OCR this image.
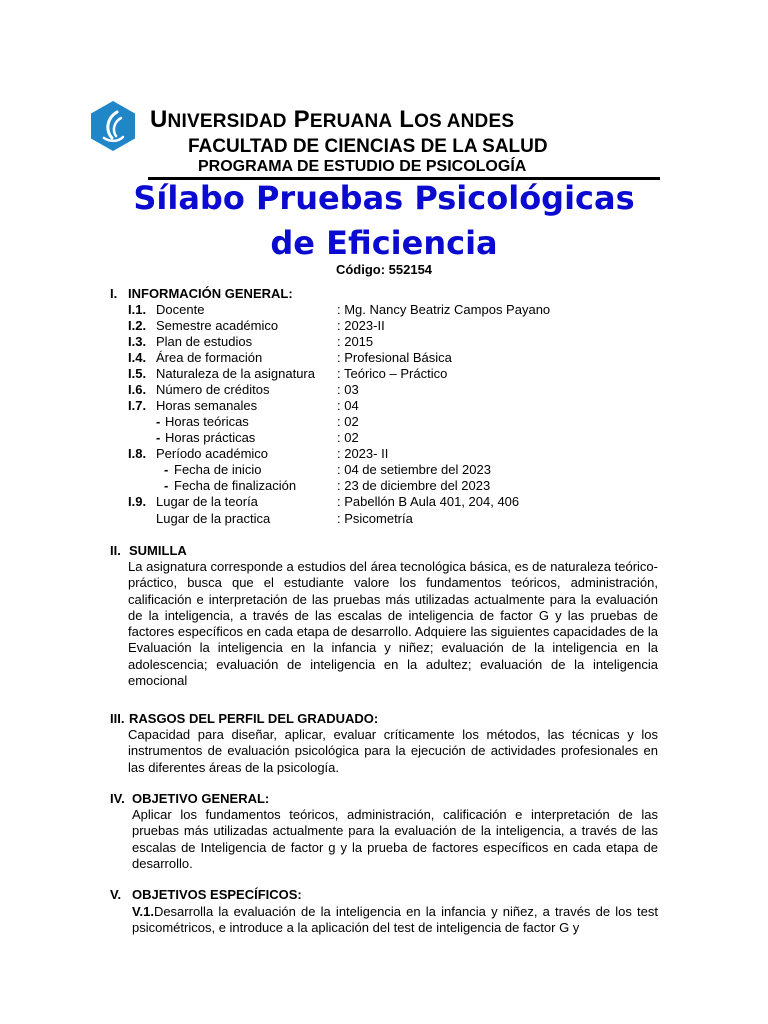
UNIVERSIDAD PERUANA LOS ANDES
FACULTAD DE CIENCIAS DE LA SALUD
PROGRAMA DE ESTUDIO DE PSICOLOGÍA
Sílabo Pruebas Psicológicas
de Eficiencia
Código: 552154
I. INFORMACIÓN GENERAL:
I.1. Docente	: Mg. Nancy Beatriz Campos Payano
I.2. Semestre académico	: 2023-II
I.3. Plan de estudios	: 2015
I.4. Área de formación	: Profesional Básica
I.5. Naturaleza de la asignatura : Teórico – Práctico
I.6. Número de créditos	: 03
I.7. Horas semanales	: 04
- Horas teóricas	: 02
- Horas prácticas	: 02
I.8. Período académico	: 2023- II
- Fecha de inicio	: 04 de setiembre del 2023
- Fecha de finalización	: 23 de diciembre del 2023
I.9. Lugar de la teoría	: Pabellón B Aula 401, 204, 406
Lugar de la practica	: Psicometría
II. SUMILLA
La asignatura corresponde a estudios del área tecnológica básica, es de naturaleza teórico-práctico, busca que el estudiante valore los fundamentos teóricos, administración, calificación e interpretación de las pruebas más utilizadas actualmente para la evaluación de la inteligencia, a través de las escalas de inteligencia de factor G y las pruebas de factores específicos en cada etapa de desarrollo. Adquiere las siguientes capacidades de la Evaluación la inteligencia en la infancia y niñez; evaluación de la inteligencia en la adolescencia; evaluación de inteligencia en la adultez; evaluación de la inteligencia emocional
III. RASGOS DEL PERFIL DEL GRADUADO:
Capacidad para diseñar, aplicar, evaluar críticamente los métodos, las técnicas y los instrumentos de evaluación psicológica para la ejecución de actividades profesionales en las diferentes áreas de la psicología.
IV. OBJETIVO GENERAL:
Aplicar los fundamentos teóricos, administración, calificación e interpretación de las pruebas más utilizadas actualmente para la evaluación de la inteligencia, a través de las escalas de Inteligencia de factor g y la prueba de factores específicos en cada etapa de desarrollo.
V. OBJETIVOS ESPECÍFICOS:
V.1.Desarrolla la evaluación de la inteligencia en la infancia y niñez, a través de los test psicométricos, e introduce a la aplicación del test de inteligencia de factor G y
